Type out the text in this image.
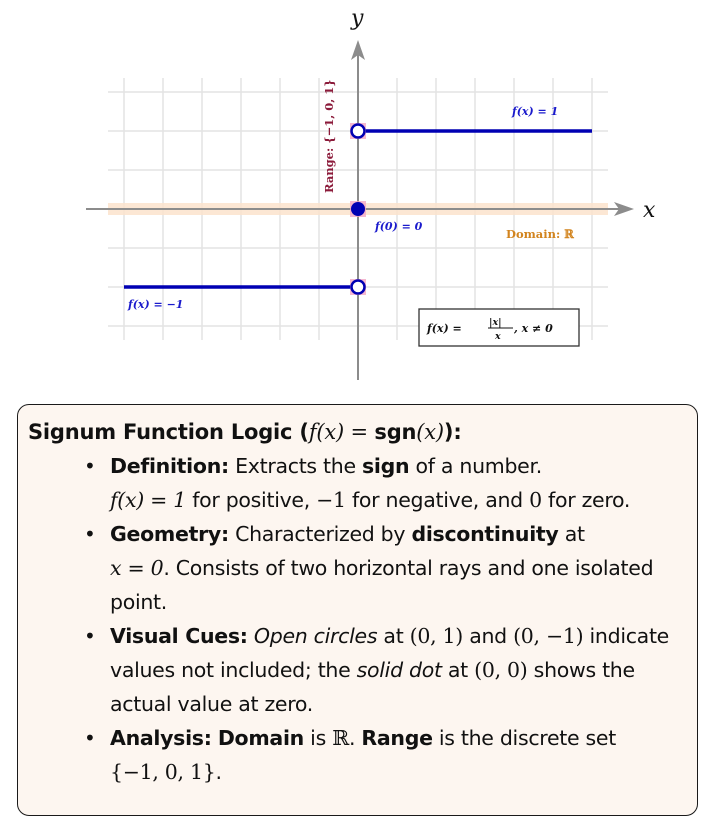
x
y
f(x) = 1
f(x) = −1
f(0) = 0
Domain: ℝ
Range: {−1, 0, 1}
f(x) =	|x|
x
, x ≠ 0
Signum Function Logic (f(x) = sgn(x)):
• Definition: Extracts the sign of a number.
f(x) = 1 for positive, −1 for negative, and 0 for zero.
• Geometry: Characterized by discontinuity at
x = 0. Consists of two horizontal rays and one isolated point.
• Visual Cues: Open circles at (0, 1) and (0, −1) indicate values not included; the solid dot at (0, 0) shows the actual value at zero.
• Analysis: Domain is ℝ. Range is the discrete set
{−1, 0, 1}.
